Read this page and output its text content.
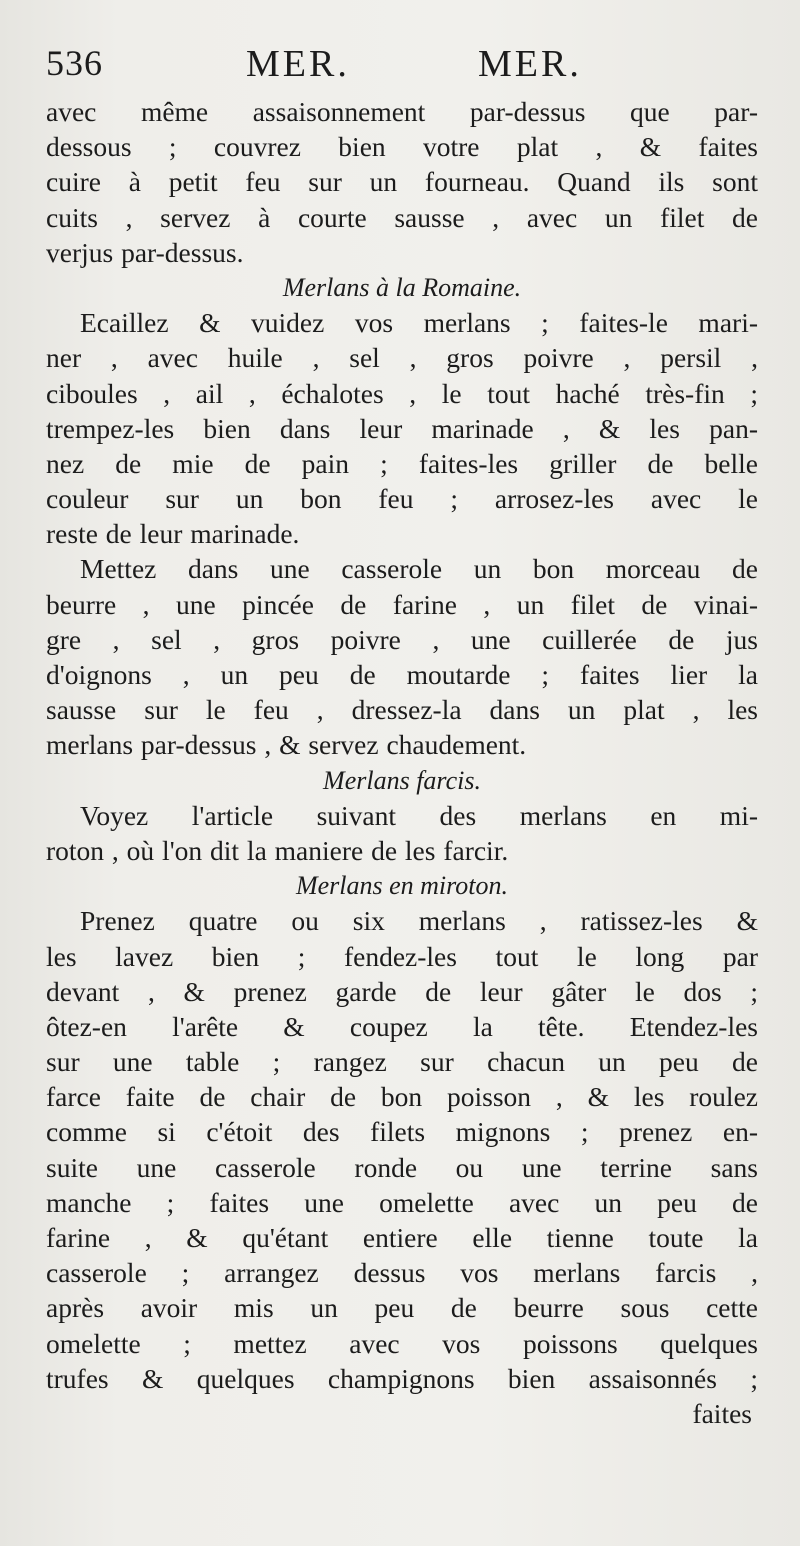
536	MER.	MER.
avec même assaisonnement par-dessus que par-
dessous ; couvrez bien votre plat , & faites
cuire à petit feu sur un fourneau. Quand ils sont
cuits , servez à courte sausse , avec un filet de
verjus par-dessus.
Merlans à la Romaine.
Ecaillez & vuidez vos merlans ; faites-le mari-
ner , avec huile , sel , gros poivre , persil ,
ciboules , ail , échalotes , le tout haché très-fin ;
trempez-les bien dans leur marinade , & les pan-
nez de mie de pain ; faites-les griller de belle
couleur sur un bon feu ; arrosez-les avec le
reste de leur marinade.
Mettez dans une casserole un bon morceau de
beurre , une pincée de farine , un filet de vinai-
gre , sel , gros poivre , une cuillerée de jus
d'oignons , un peu de moutarde ; faites lier la
sausse sur le feu , dressez-la dans un plat , les
merlans par-dessus , & servez chaudement.
Merlans farcis.
Voyez l'article suivant des merlans en mi-
roton , où l'on dit la maniere de les farcir.
Merlans en miroton.
Prenez quatre ou six merlans , ratissez-les &
les lavez bien ; fendez-les tout le long par
devant , & prenez garde de leur gâter le dos ;
ôtez-en l'arête & coupez la tête. Etendez-les
sur une table ; rangez sur chacun un peu de
farce faite de chair de bon poisson , & les roulez
comme si c'étoit des filets mignons ; prenez en-
suite une casserole ronde ou une terrine sans
manche ; faites une omelette avec un peu de
farine , & qu'étant entiere elle tienne toute la
casserole ; arrangez dessus vos merlans farcis ,
après avoir mis un peu de beurre sous cette
omelette ; mettez avec vos poissons quelques
trufes & quelques champignons bien assaisonnés ;
faites
